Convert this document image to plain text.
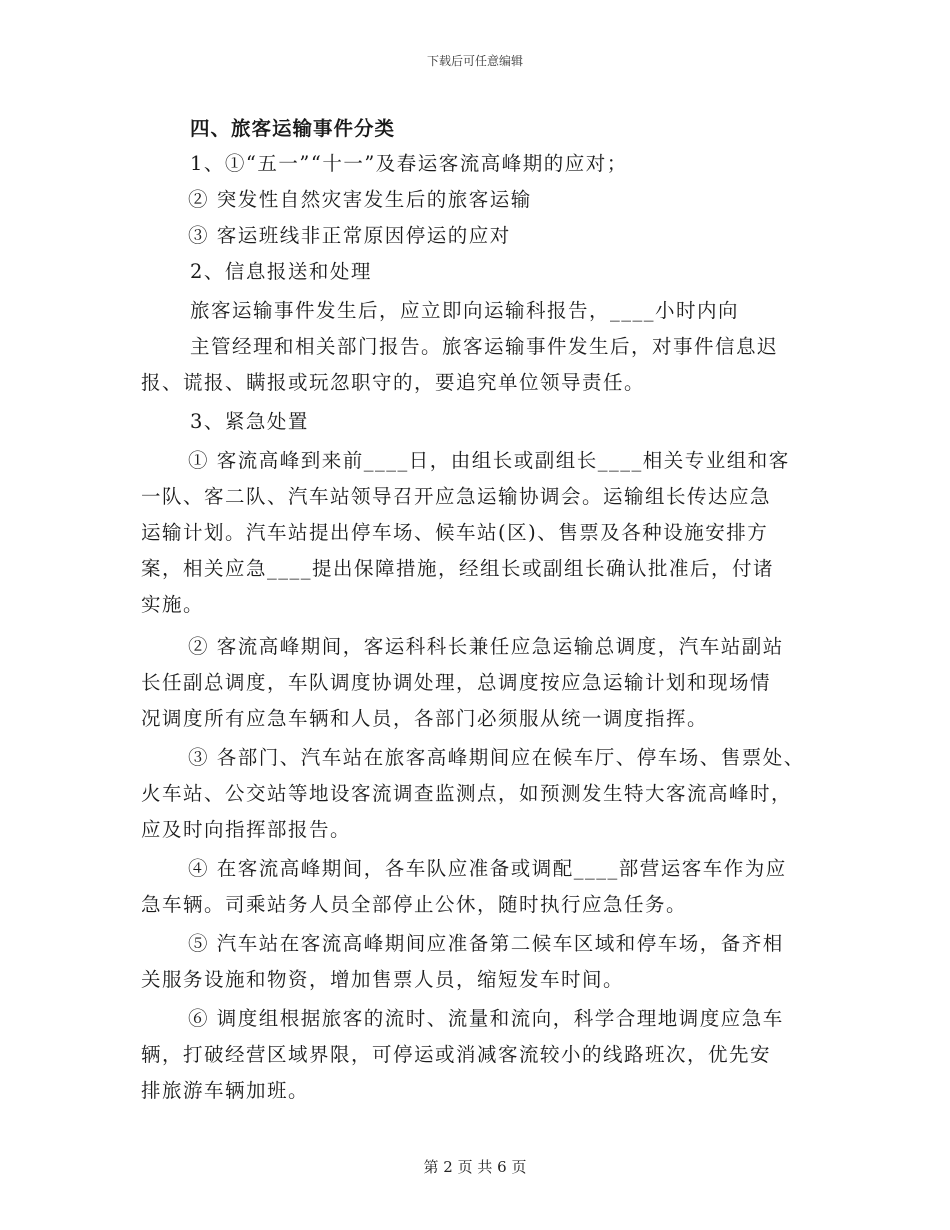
下载后可任意编辑
四、旅客运输事件分类
1、①“五一”“十一”及春运客流高峰期的应对；
② 突发性自然灾害发生后的旅客运输
③ 客运班线非正常原因停运的应对
2、信息报送和处理
旅客运输事件发生后，应立即向运输科报告，____小时内向
主管经理和相关部门报告。旅客运输事件发生后，对事件信息迟
报、谎报、瞒报或玩忽职守的，要追究单位领导责任。
3、紧急处置
① 客流高峰到来前____日，由组长或副组长____相关专业组和客
一队、客二队、汽车站领导召开应急运输协调会。运输组长传达应急
运输计划。汽车站提出停车场、候车站(区)、售票及各种设施安排方
案，相关应急____提出保障措施，经组长或副组长确认批准后，付诸
实施。
② 客流高峰期间，客运科科长兼任应急运输总调度，汽车站副站
长任副总调度，车队调度协调处理，总调度按应急运输计划和现场情
况调度所有应急车辆和人员，各部门必须服从统一调度指挥。
③ 各部门、汽车站在旅客高峰期间应在候车厅、停车场、售票处、
火车站、公交站等地设客流调查监测点，如预测发生特大客流高峰时，
应及时向指挥部报告。
④ 在客流高峰期间，各车队应准备或调配____部营运客车作为应
急车辆。司乘站务人员全部停止公休，随时执行应急任务。
⑤ 汽车站在客流高峰期间应准备第二候车区域和停车场，备齐相
关服务设施和物资，增加售票人员，缩短发车时间。
⑥ 调度组根据旅客的流时、流量和流向，科学合理地调度应急车
辆，打破经营区域界限，可停运或消减客流较小的线路班次，优先安
排旅游车辆加班。
第 2 页 共 6 页
